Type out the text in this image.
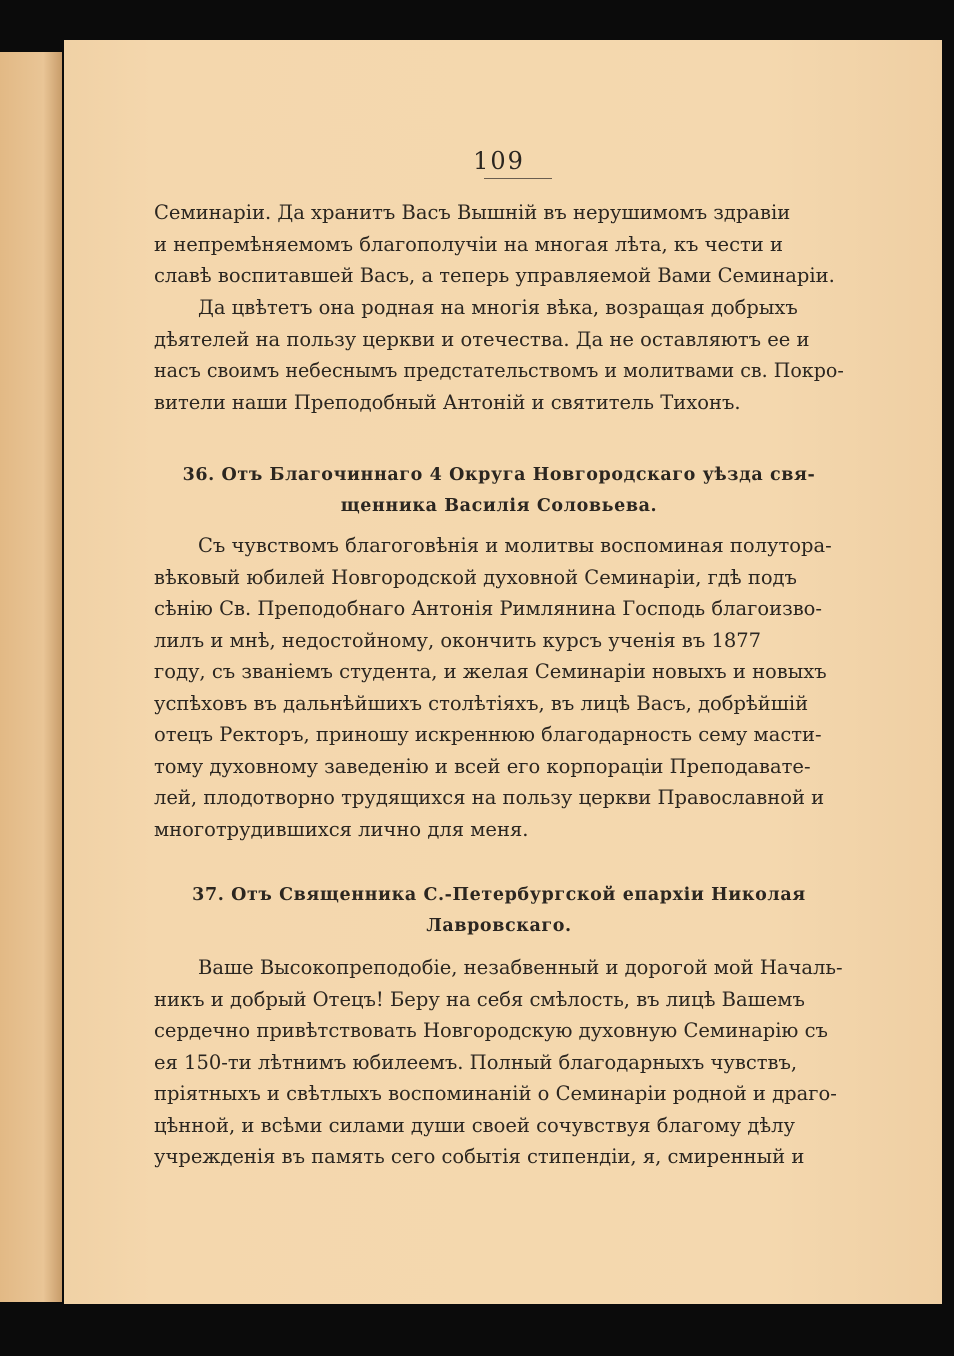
109
Семинаріи. Да хранитъ Васъ Вышній въ нерушимомъ здравіи
и непремѣняемомъ благополучіи на многая лѣта, къ чести и
славѣ воспитавшей Васъ, а теперь управляемой Вами Семинаріи.
Да цвѣтетъ она родная на многія вѣка, возращая добрыхъ
дѣятелей на пользу церкви и отечества. Да не оставляютъ ее и
насъ своимъ небеснымъ предстательствомъ и молитвами св. Покро-
вители наши Преподобный Антоній и святитель Тихонъ.
36. Отъ Благочиннаго 4 Округа Новгородскаго уѣзда свя-
щенника Василія Соловьева.
Съ чувствомъ благоговѣнія и молитвы воспоминая полутора-
вѣковый юбилей Новгородской духовной Семинаріи, гдѣ подъ
сѣнію Св. Преподобнаго Антонія Римлянина Господь благоизво-
лилъ и мнѣ, недостойному, окончить курсъ ученія въ 1877
году, съ званіемъ студента, и желая Семинаріи новыхъ и новыхъ
успѣховъ въ дальнѣйшихъ столѣтіяхъ, въ лицѣ Васъ, добрѣйшій
отецъ Ректоръ, приношу искреннюю благодарность сему масти-
тому духовному заведенію и всей его корпораціи Преподавате-
лей, плодотворно трудящихся на пользу церкви Православной и
многотрудившихся лично для меня.
37. Отъ Священника С.-Петербургской епархіи Николая
Лавровскаго.
Ваше Высокопреподобіе, незабвенный и дорогой мой Началь-
никъ и добрый Отецъ! Беру на себя смѣлость, въ лицѣ Вашемъ
сердечно привѣтствовать Новгородскую духовную Семинарію съ
ея 150-ти лѣтнимъ юбилеемъ. Полный благодарныхъ чувствъ,
пріятныхъ и свѣтлыхъ воспоминаній о Семинаріи родной и драго-
цѣнной, и всѣми силами души своей сочувствуя благому дѣлу
учрежденія въ память сего событія стипендіи, я, смиренный и
